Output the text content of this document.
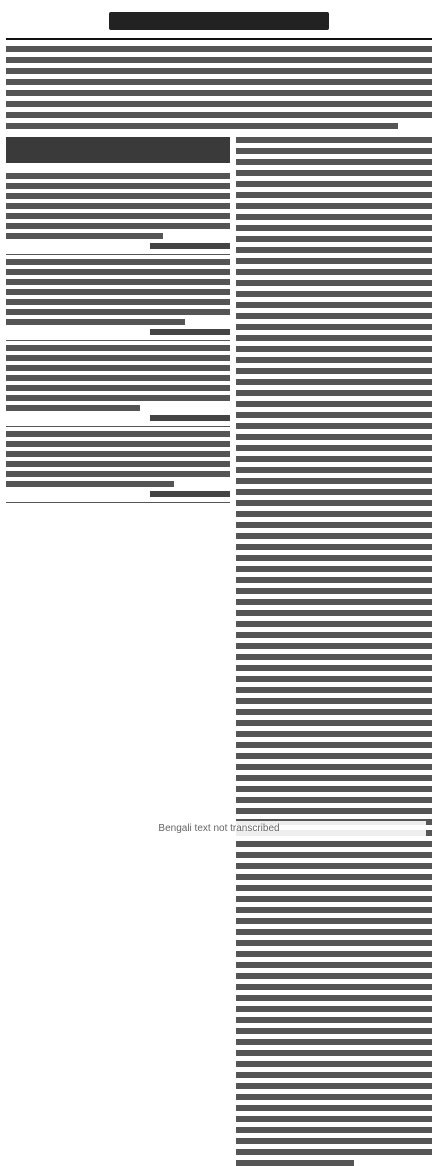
Bengali text not transcribed
